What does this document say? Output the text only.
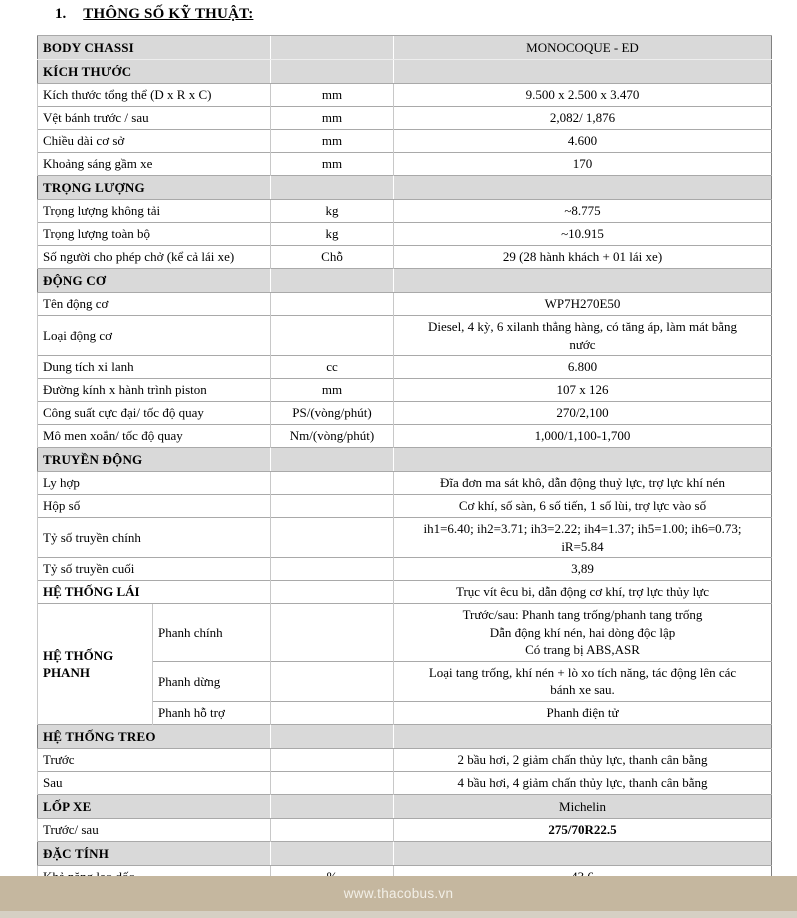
1. THÔNG SỐ KỸ THUẬT:
BODY CHASSI			MONOCOQUE - ED
KÍCH THƯỚC			
Kích thước tổng thể (D x R x C)		mm	9.500 x 2.500 x 3.470
Vệt bánh trước / sau		mm	2,082/ 1,876
Chiều dài cơ sở		mm	4.600
Khoảng sáng gầm xe		mm	170
TRỌNG LƯỢNG			
Trọng lượng không tải		kg	~8.775
Trọng lượng toàn bộ		kg	~10.915
Số người cho phép chở (kể cả lái xe)		Chỗ	29 (28 hành khách + 01 lái xe)
ĐỘNG CƠ			
Tên động cơ			WP7H270E50
Loại động cơ			Diesel, 4 kỳ, 6 xilanh thẳng hàng, có tăng áp, làm mát bằng
nước

Dung tích xi lanh		cc	6.800
Đường kính x hành trình piston		mm	107 x 126
Công suất cực đại/ tốc độ quay		PS/(vòng/phút)	270/2,100
Mô men xoắn/ tốc độ quay		Nm/(vòng/phút)	1,000/1,100-1,700
TRUYỀN ĐỘNG			
Ly hợp			Đĩa đơn ma sát khô, dẫn động thuỷ lực, trợ lực khí nén
Hộp số			Cơ khí, số sàn, 6 số tiến, 1 số lùi, trợ lực vào số
Tỷ số truyền chính			ih1=6.40; ih2=3.71; ih3=2.22; ih4=1.37; ih5=1.00; ih6=0.73;
iR=5.84

Tỷ số truyền cuối			3,89
HỆ THỐNG LÁI			Trục vít êcu bi, dẫn động cơ khí, trợ lực thủy lực
HỆ THỐNG PHANH	Phanh chính		Trước/sau: Phanh tang trống/phanh tang trống
Dẫn động khí nén, hai dòng độc lập
Có trang bị ABS,ASR

	Phanh dừng		Loại tang trống, khí nén + lò xo tích năng, tác động lên các
bánh xe sau.

	Phanh hỗ trợ		Phanh điện tử
HỆ THỐNG TREO			
Trước			2 bầu hơi, 2 giảm chấn thủy lực, thanh cân bằng
Sau			4 bầu hơi, 4 giảm chấn thủy lực, thanh cân bằng
LỐP XE			Michelin
Trước/ sau			275/70R22.5
ĐẶC TÍNH			

www.thacobus.vn
